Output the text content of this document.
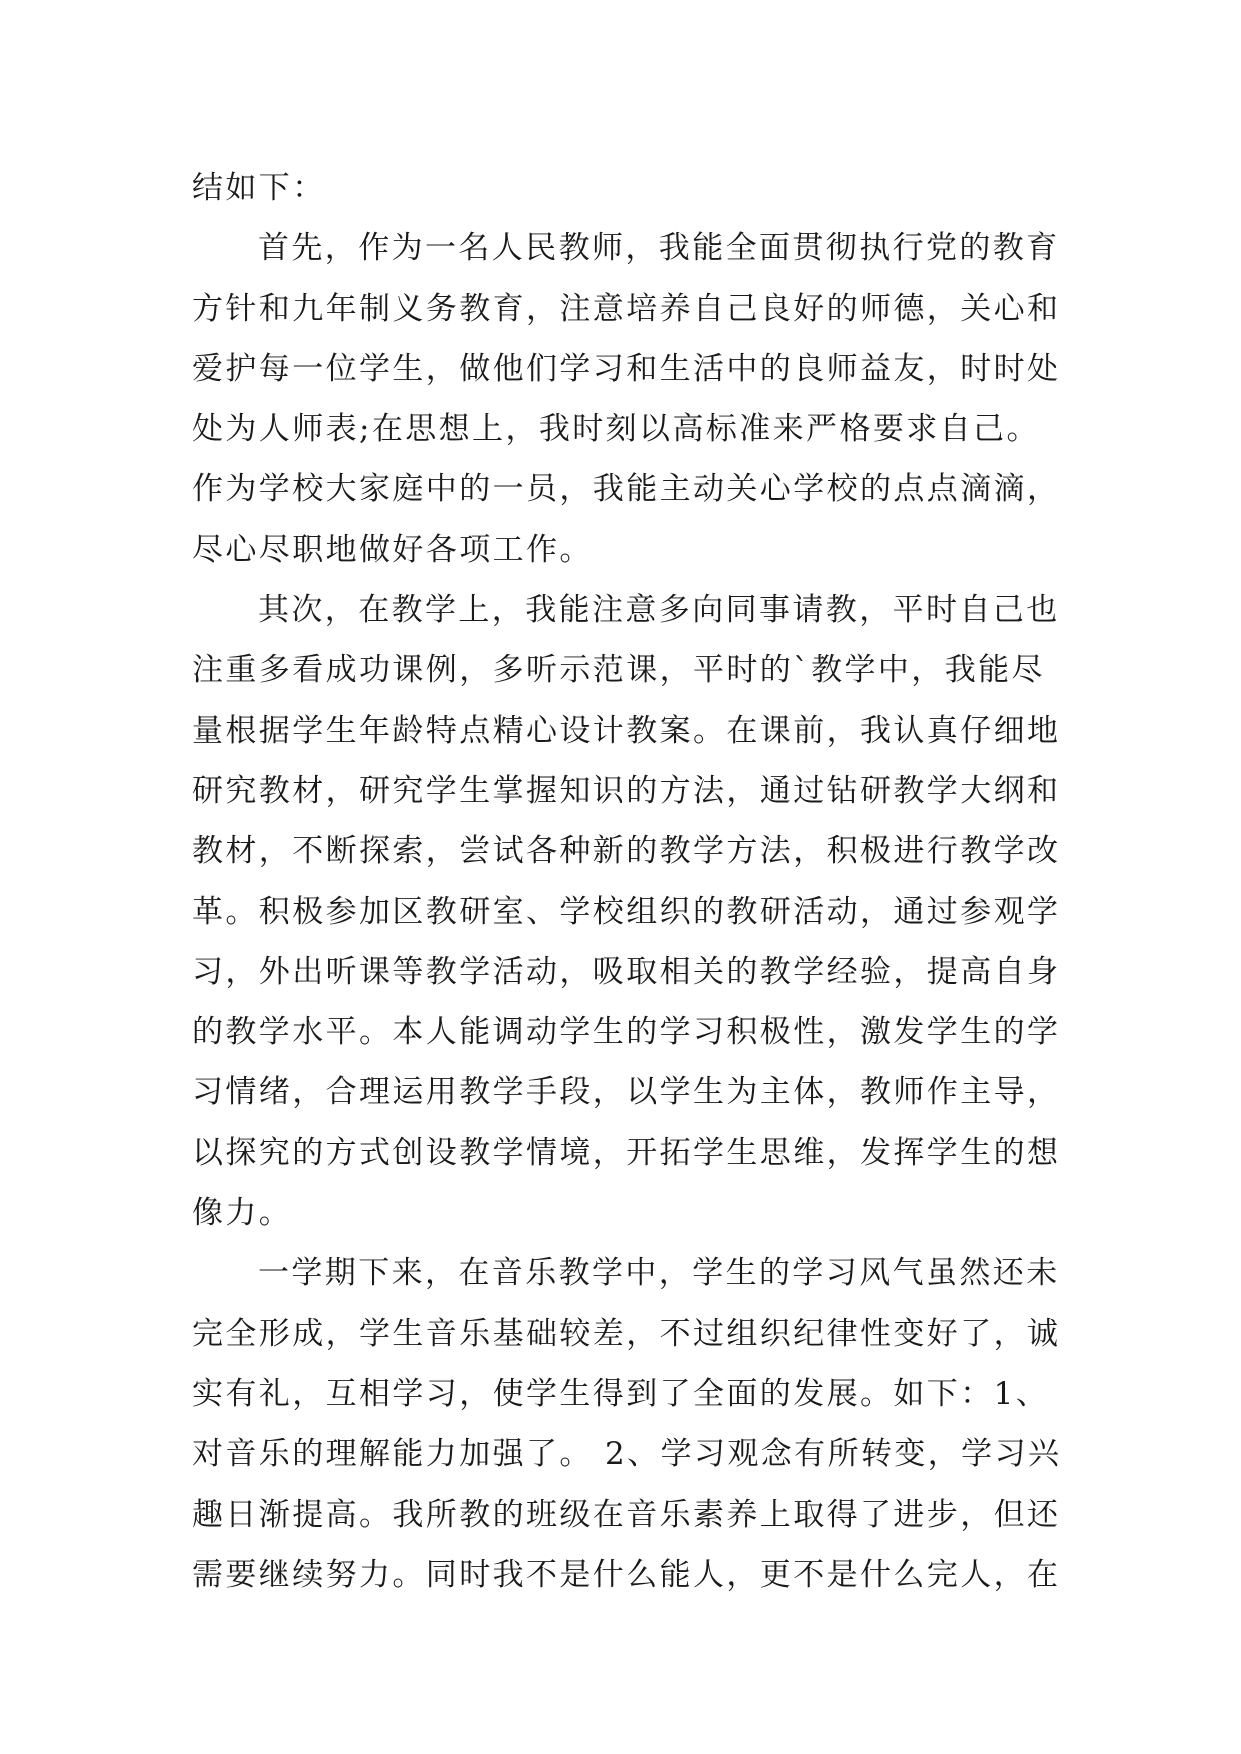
结如下：
首先，作为一名人民教师，我能全面贯彻执行党的教育
方针和九年制义务教育，注意培养自己良好的师德，关心和
爱护每一位学生，做他们学习和生活中的良师益友，时时处
处为人师表;在思想上，我时刻以高标准来严格要求自己。
作为学校大家庭中的一员，我能主动关心学校的点点滴滴，
尽心尽职地做好各项工作。
其次，在教学上，我能注意多向同事请教，平时自己也
注重多看成功课例，多听示范课，平时的`教学中，我能尽
量根据学生年龄特点精心设计教案。在课前，我认真仔细地
研究教材，研究学生掌握知识的方法，通过钻研教学大纲和
教材，不断探索，尝试各种新的教学方法，积极进行教学改
革。积极参加区教研室、学校组织的教研活动，通过参观学
习，外出听课等教学活动，吸取相关的教学经验，提高自身
的教学水平。本人能调动学生的学习积极性，激发学生的学
习情绪，合理运用教学手段，以学生为主体，教师作主导，
以探究的方式创设教学情境，开拓学生思维，发挥学生的想
像力。
一学期下来，在音乐教学中，学生的学习风气虽然还未
完全形成，学生音乐基础较差，不过组织纪律性变好了，诚
实有礼，互相学习，使学生得到了全面的发展。如下：1、
对音乐的理解能力加强了。 2、学习观念有所转变，学习兴
趣日渐提高。我所教的班级在音乐素养上取得了进步，但还
需要继续努力。同时我不是什么能人，更不是什么完人，在
